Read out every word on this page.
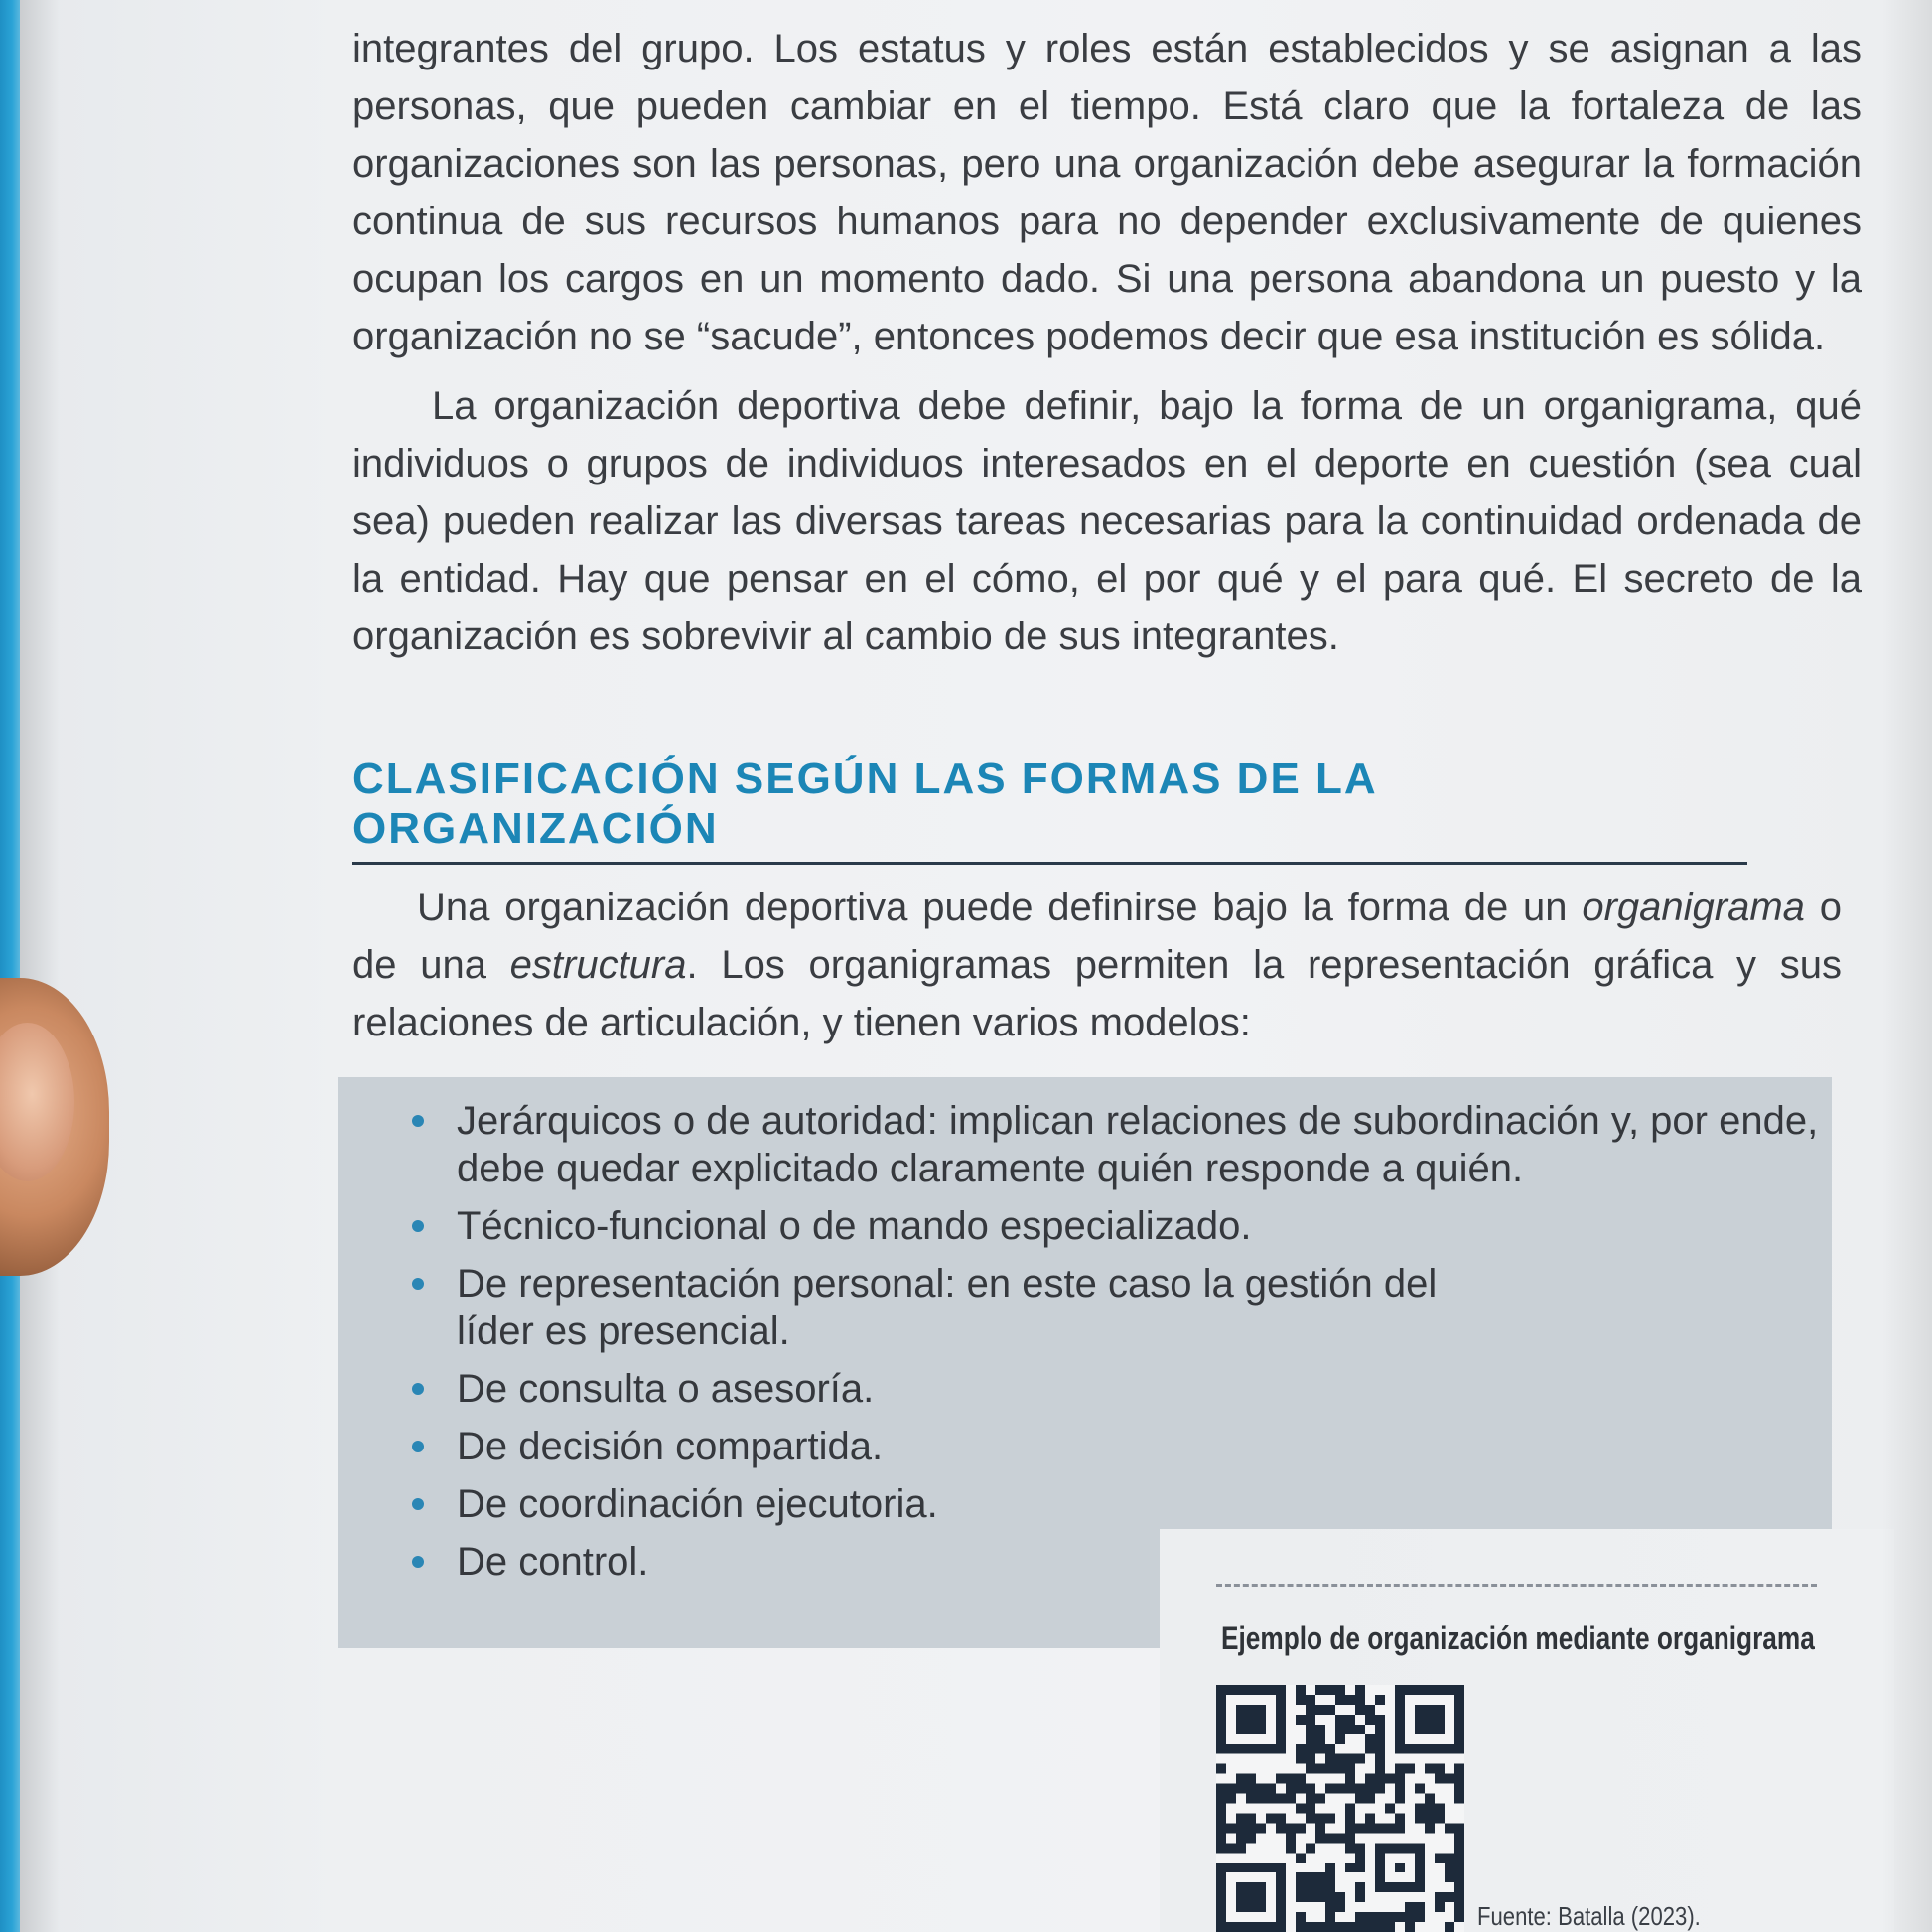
integrantes del grupo. Los estatus y roles están establecidos y se asignan a las personas, que pueden cambiar en el tiempo. Está claro que la fortaleza de las organizaciones son las personas, pero una organización debe asegurar la formación continua de sus recursos humanos para no depender exclusivamente de quienes ocupan los cargos en un momento dado. Si una persona abandona un puesto y la organización no se “sacude”, entonces podemos decir que esa institución es sólida.

La organización deportiva debe definir, bajo la forma de un organigrama, qué individuos o grupos de individuos interesados en el deporte en cuestión (sea cual sea) pueden realizar las diversas tareas necesarias para la continuidad ordenada de la entidad. Hay que pensar en el cómo, el por qué y el para qué. El secreto de la organización es sobrevivir al cambio de sus integrantes.

CLASIFICACIÓN SEGÚN LAS FORMAS DE LA ORGANIZACIÓN

Una organización deportiva puede definirse bajo la forma de un organigrama o de una estructura. Los organigramas permiten la representación gráfica y sus relaciones de articulación, y tienen varios modelos:

Jerárquicos o de autoridad: implican relaciones de subordinación y, por ende, debe quedar explicitado claramente quién responde a quién.
Técnico-funcional o de mando especializado.
De representación personal: en este caso la gestión del líder es presencial.
De consulta o asesoría.
De decisión compartida.
De coordinación ejecutoria.
De control.
Ejemplo de organización mediante organigrama
Fuente: Batalla (2023).
